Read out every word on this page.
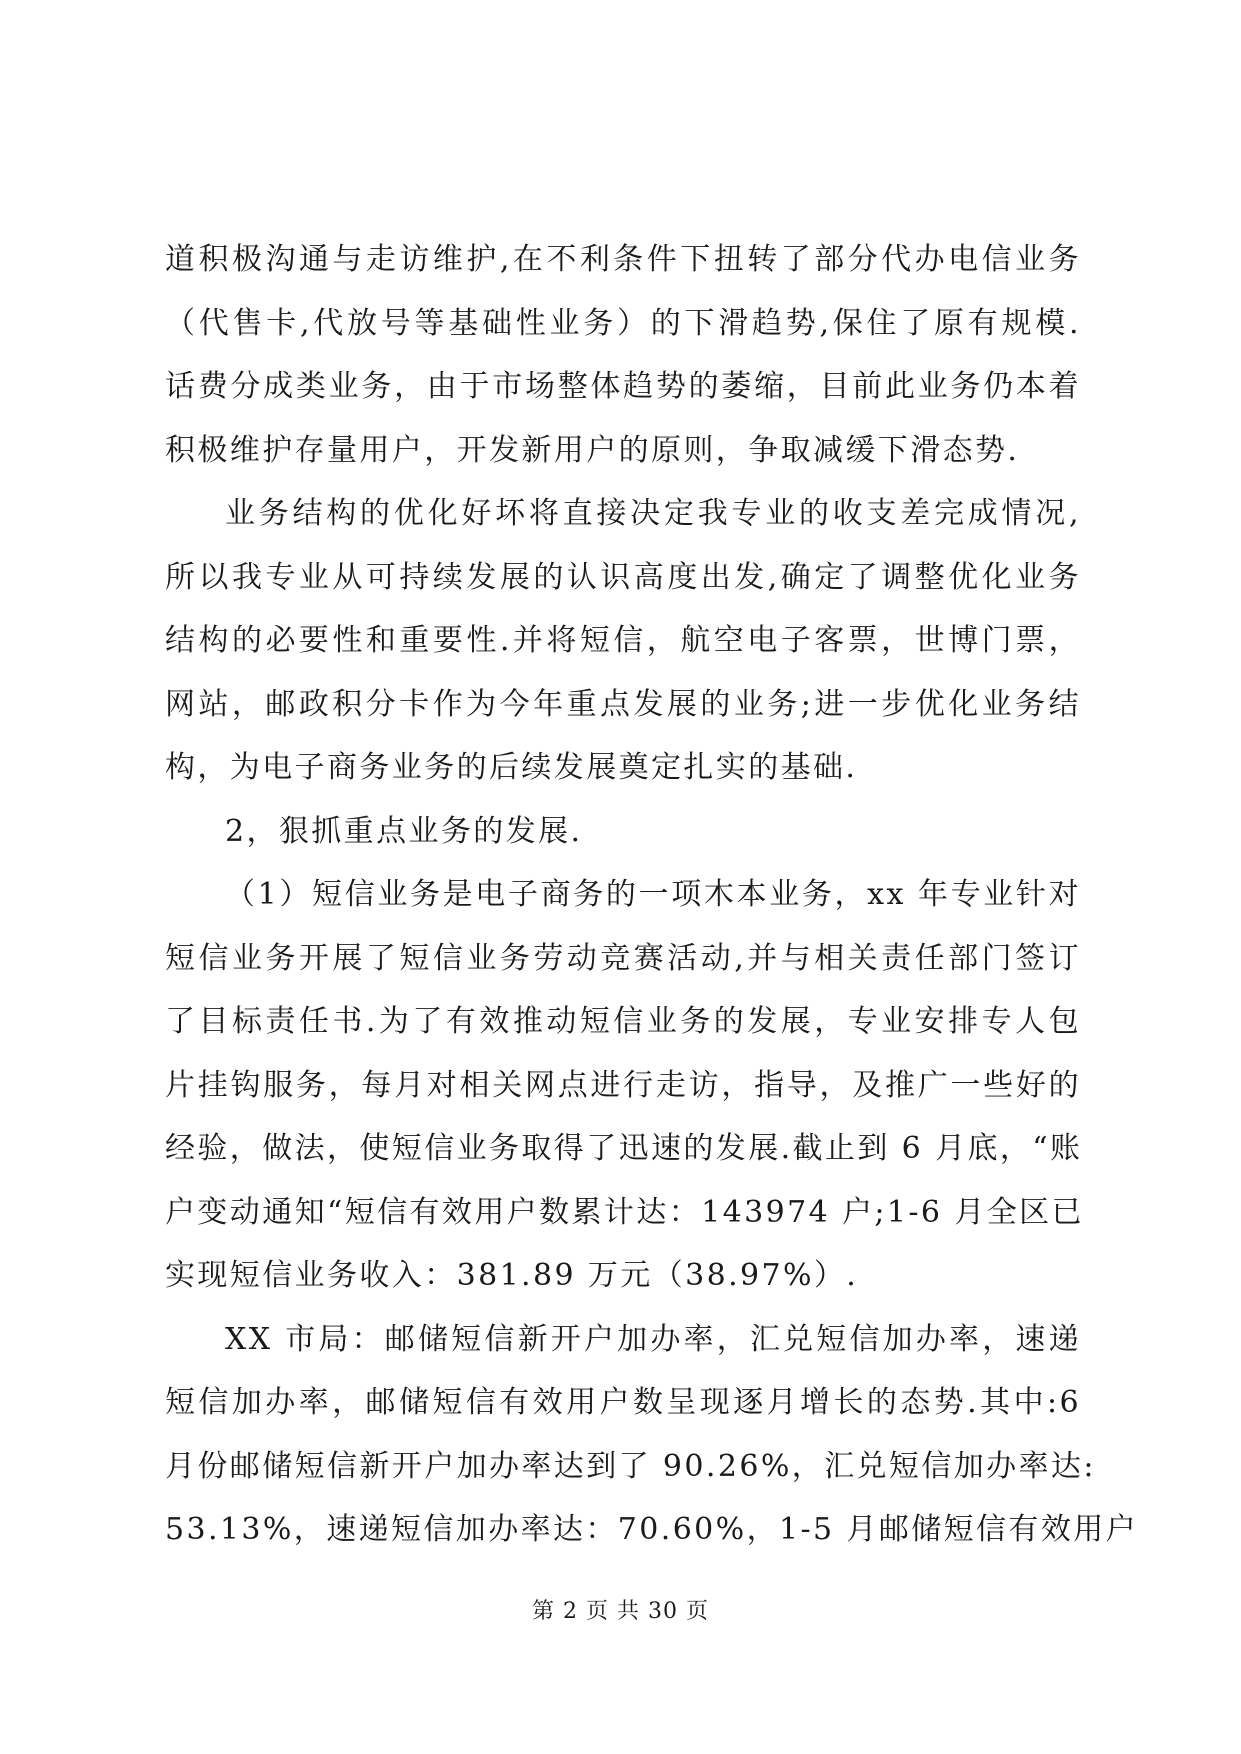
道积极沟通与走访维护,在不利条件下扭转了部分代办电信业务
（代售卡,代放号等基础性业务）的下滑趋势,保住了原有规模.
话费分成类业务，由于市场整体趋势的萎缩，目前此业务仍本着
积极维护存量用户，开发新用户的原则，争取减缓下滑态势.
业务结构的优化好坏将直接决定我专业的收支差完成情况,
所以我专业从可持续发展的认识高度出发,确定了调整优化业务
结构的必要性和重要性.并将短信，航空电子客票，世博门票，
网站，邮政积分卡作为今年重点发展的业务;进一步优化业务结
构，为电子商务业务的后续发展奠定扎实的基础.
2，狠抓重点业务的发展.
（1）短信业务是电子商务的一项木本业务，xx 年专业针对
短信业务开展了短信业务劳动竞赛活动,并与相关责任部门签订
了目标责任书.为了有效推动短信业务的发展，专业安排专人包
片挂钩服务，每月对相关网点进行走访，指导，及推广一些好的
经验，做法，使短信业务取得了迅速的发展.截止到 6 月底，“账
户变动通知“短信有效用户数累计达：143974 户;1-6 月全区已
实现短信业务收入：381.89 万元（38.97%）.
XX 市局：邮储短信新开户加办率，汇兑短信加办率，速递
短信加办率，邮储短信有效用户数呈现逐月增长的态势.其中:6
月份邮储短信新开户加办率达到了 90.26%，汇兑短信加办率达:
53.13%，速递短信加办率达：70.60%，1-5 月邮储短信有效用户
第 2 页 共 30 页
